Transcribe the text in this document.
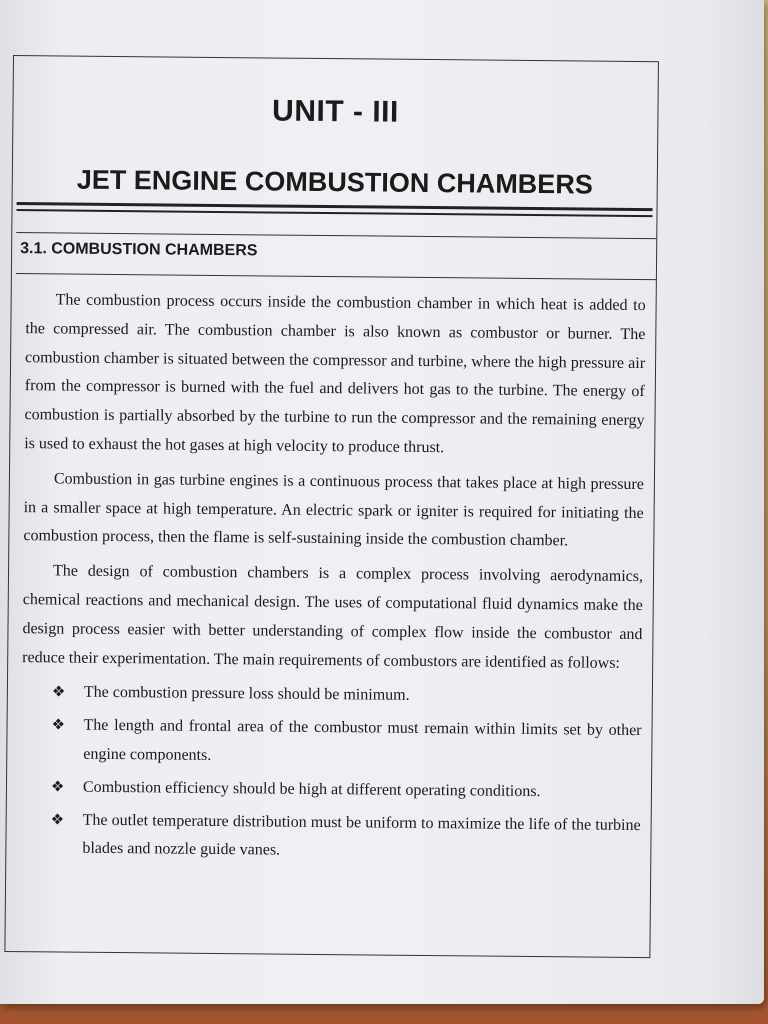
UNIT - III
JET ENGINE COMBUSTION CHAMBERS
3.1. COMBUSTION CHAMBERS

The combustion process occurs inside the combustion chamber in which heat is added to the compressed air. The combustion chamber is also known as combustor or burner. The combustion chamber is situated between the compressor and turbine, where the high pressure air from the compressor is burned with the fuel and delivers hot gas to the turbine. The energy of combustion is partially absorbed by the turbine to run the compressor and the remaining energy is used to exhaust the hot gases at high velocity to produce thrust.

Combustion in gas turbine engines is a continuous process that takes place at high pressure in a smaller space at high temperature. An electric spark or igniter is required for initiating the combustion process, then the flame is self-sustaining inside the combustion chamber.

The design of combustion chambers is a complex process involving aerodynamics, chemical reactions and mechanical design. The uses of computational fluid dynamics make the design process easier with better understanding of complex flow inside the combustor and reduce their experimentation. The main requirements of combustors are identified as follows:

❖ The combustion pressure loss should be minimum.
❖ The length and frontal area of the combustor must remain within limits set by other engine components.
❖ Combustion efficiency should be high at different operating conditions.
❖ The outlet temperature distribution must be uniform to maximize the life of the turbine blades and nozzle guide vanes.
